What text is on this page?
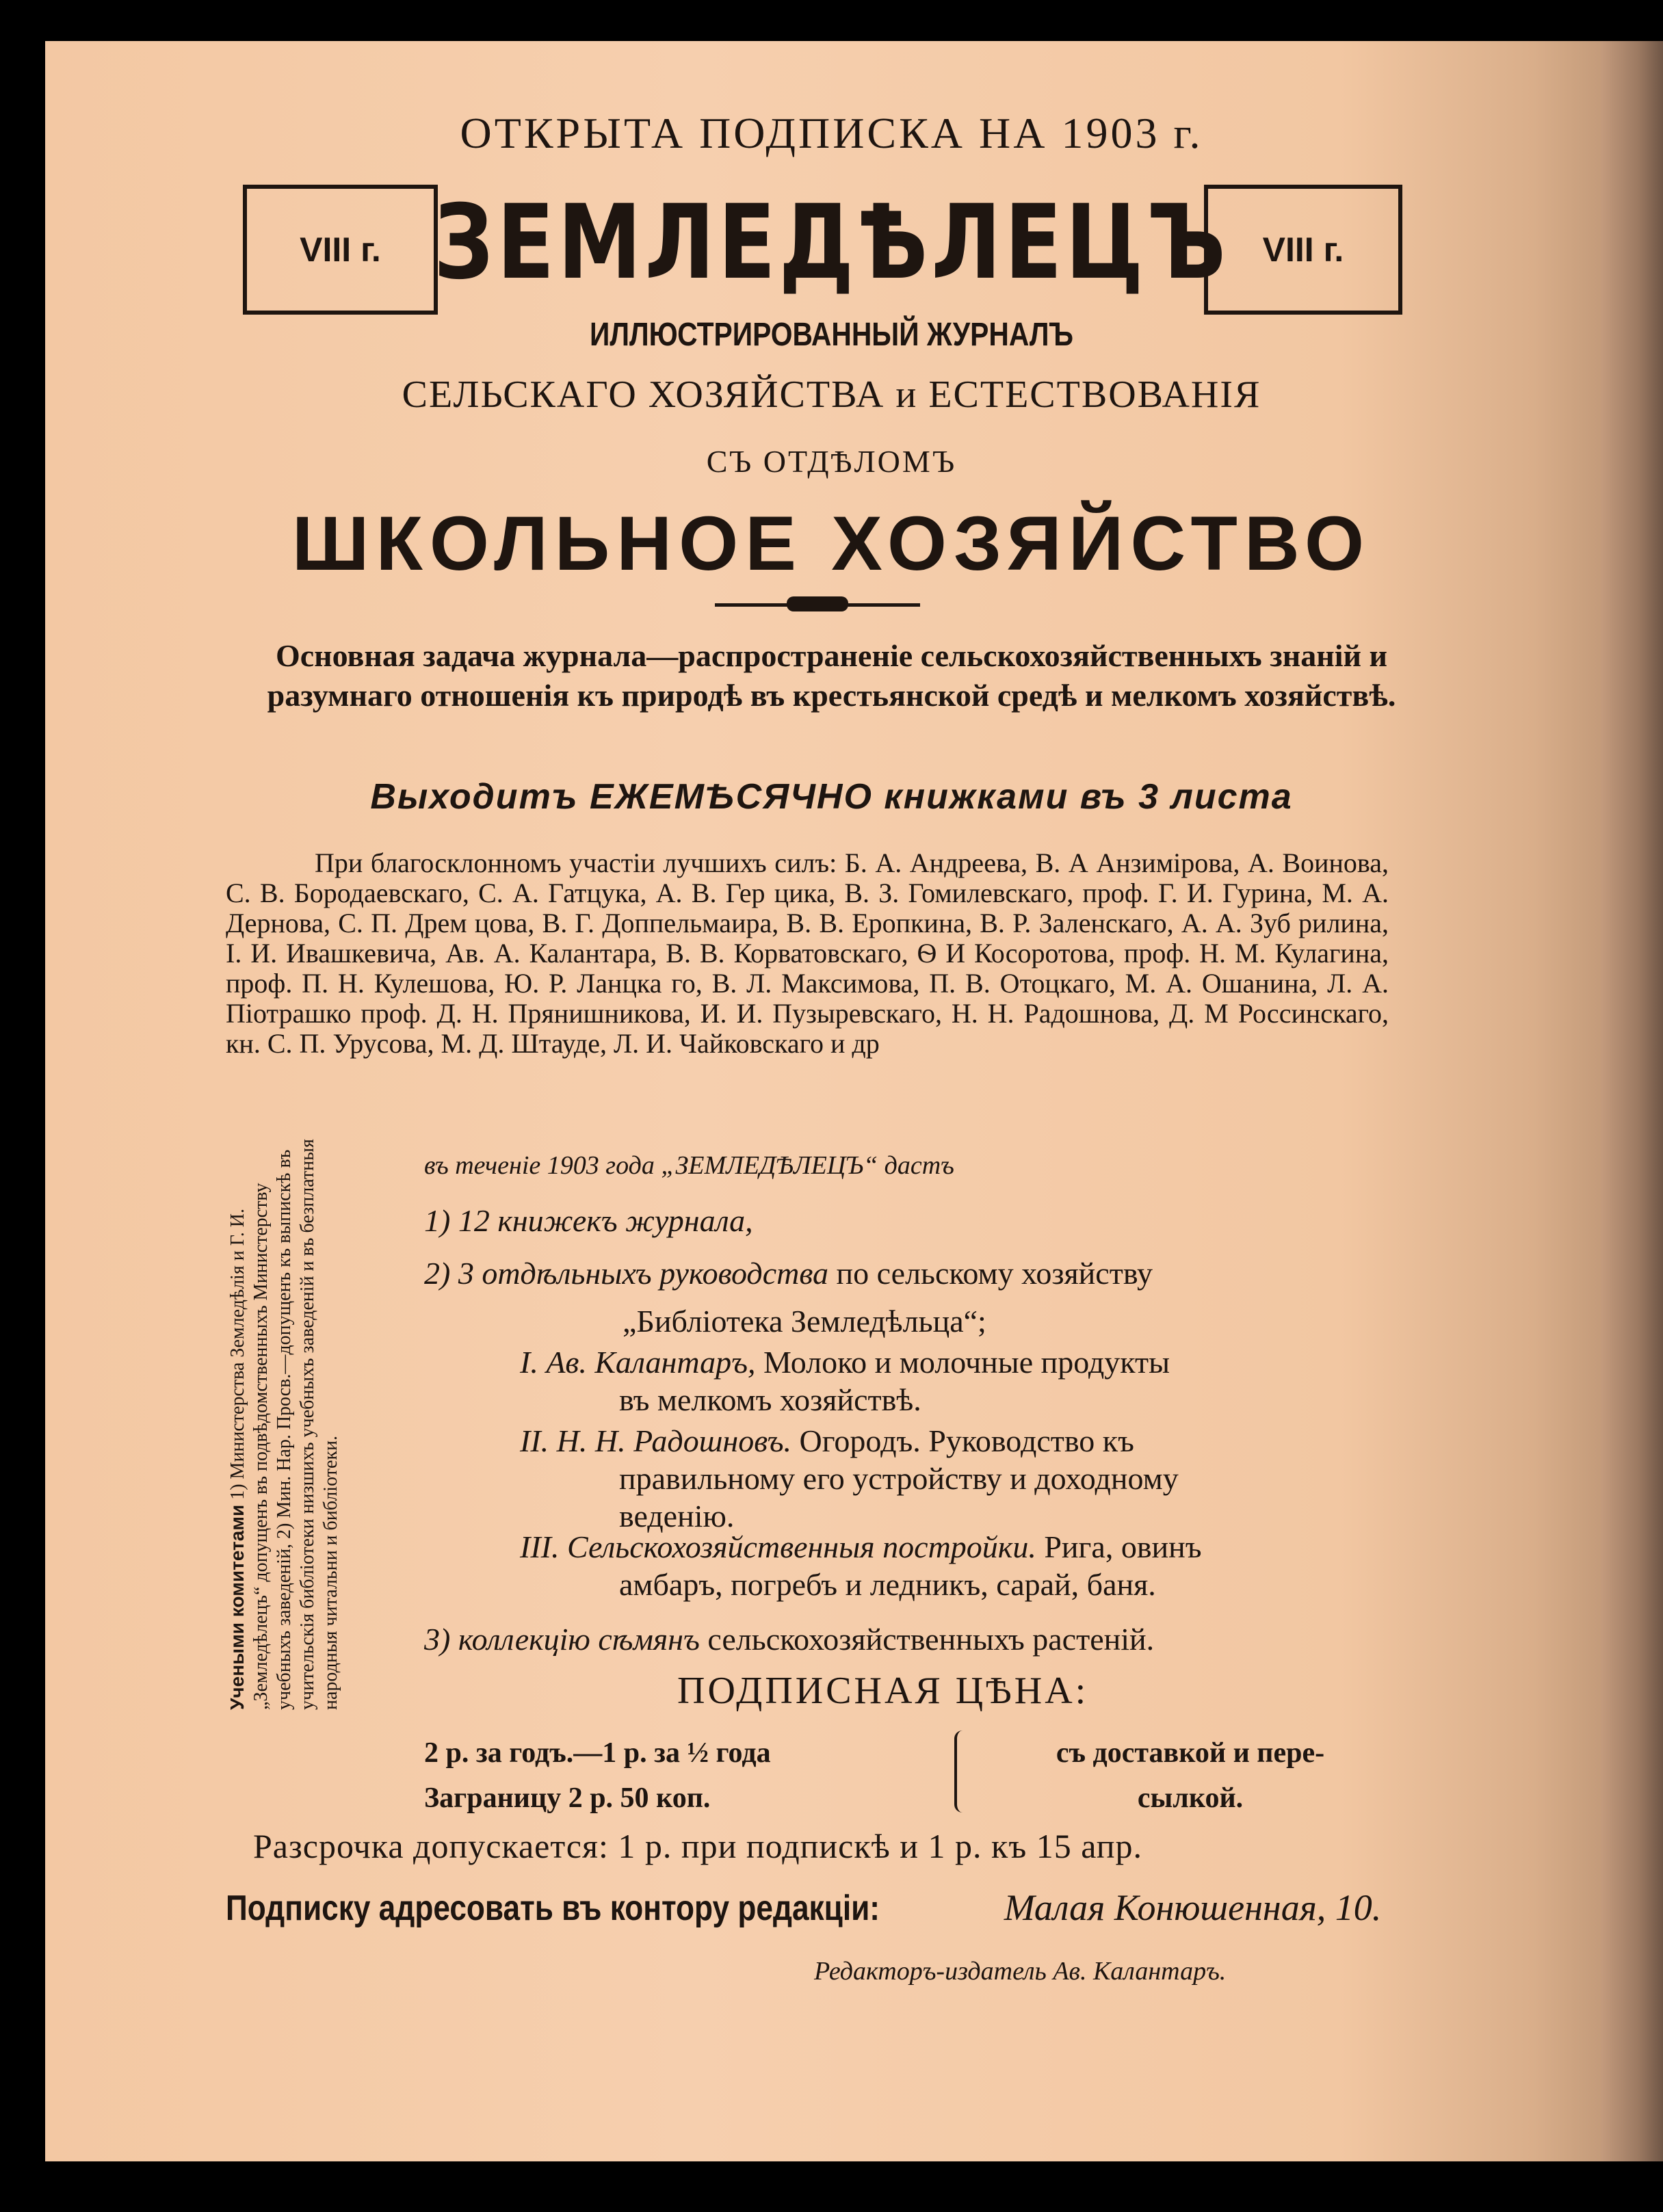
ОТКРЫТА ПОДПИСКА НА 1903 г.
VIII г.	VIII г.
ЗЕМЛЕДѢЛЕЦЪ
ИЛЛЮСТРИРОВАННЫЙ ЖУРНАЛЪ
СЕЛЬСКАГО ХОЗЯЙСТВА и ЕСТЕСТВОВАНІЯ
СЪ ОТДѢЛОМЪ
ШКОЛЬНОЕ ХОЗЯЙСТВО
Основная задача журнала—распространеніе сельскохозяйственныхъ знаній и разумнаго отношенія къ природѣ въ крестьянской средѣ и мелкомъ хозяйствѣ.
Выходитъ ЕЖЕМѢСЯЧНО книжками въ 3 листа
При благосклонномъ участіи лучшихъ силъ: Б. А. Андреева, В. А Анзимірова, А. Воинова, С. В. Бородаевскаго, С. А. Гатцука, А. В. Гер цика, В. З. Гомилевскаго, проф. Г. И. Гурина, М. А. Дернова, С. П. Дрем цова, В. Г. Доппельмаира, В. В. Еропкина, В. Р. Заленскаго, А. А. Зуб рилина, І. И. Ивашкевича, Ав. А. Калантара, В. В. Корватовскаго, Ѳ И Косоротова, проф. Н. М. Кулагина, проф. П. Н. Кулешова, Ю. Р. Ланцка го, В. Л. Максимова, П. В. Отоцкаго, М. А. Ошанина, Л. А. Піотрашко проф. Д. Н. Прянишникова, И. И. Пузыревскаго, Н. Н. Радошнова, Д. М Россинскаго, кн. С. П. Урусова, М. Д. Штауде, Л. И. Чайковскаго и др
Учеными комитетами 1) Министерства Земледѣлія и Г. И. „Земледѣлецъ“ допущенъ въ подвѣдомственныхъ Министерству учебныхъ заведеній, 2) Мин. Нар. Просв.—допущенъ къ выпискѣ въ учительскія библіотеки низшихъ учебныхъ заведеній и въ безплатныя народныя читальни и библіотеки.
въ теченіе 1903 года „ЗЕМЛЕДѢЛЕЦЪ“ дастъ
1) 12 книжекъ журнала,
2) 3 отдѣльныхъ руководства по сельскому хозяйству
„Библіотека Земледѣльца“;
I. Ав. Калантаръ, Молоко и молочные продукты
въ мелкомъ хозяйствѣ.
II. Н. Н. Радошновъ. Огородъ. Руководство къ
правильному его устройству и доходному
веденію.
III. Сельскохозяйственныя постройки. Рига, овинъ
амбаръ, погребъ и ледникъ, сарай, баня.
3) коллекцію сѣмянъ сельскохозяйственныхъ растеній.
ПОДПИСНАЯ ЦѢНА:
2 р. за годъ.—1 р. за ½ года
Заграницу 2 р. 50 коп.
съ доставкой и пере-
сылкой.
Разсрочка допускается: 1 р. при подпискѣ и 1 р. къ 15 апр.
Подписку адресовать въ контору редакціи:	Малая Конюшенная, 10.
Редакторъ-издатель Ав. Калантаръ.
